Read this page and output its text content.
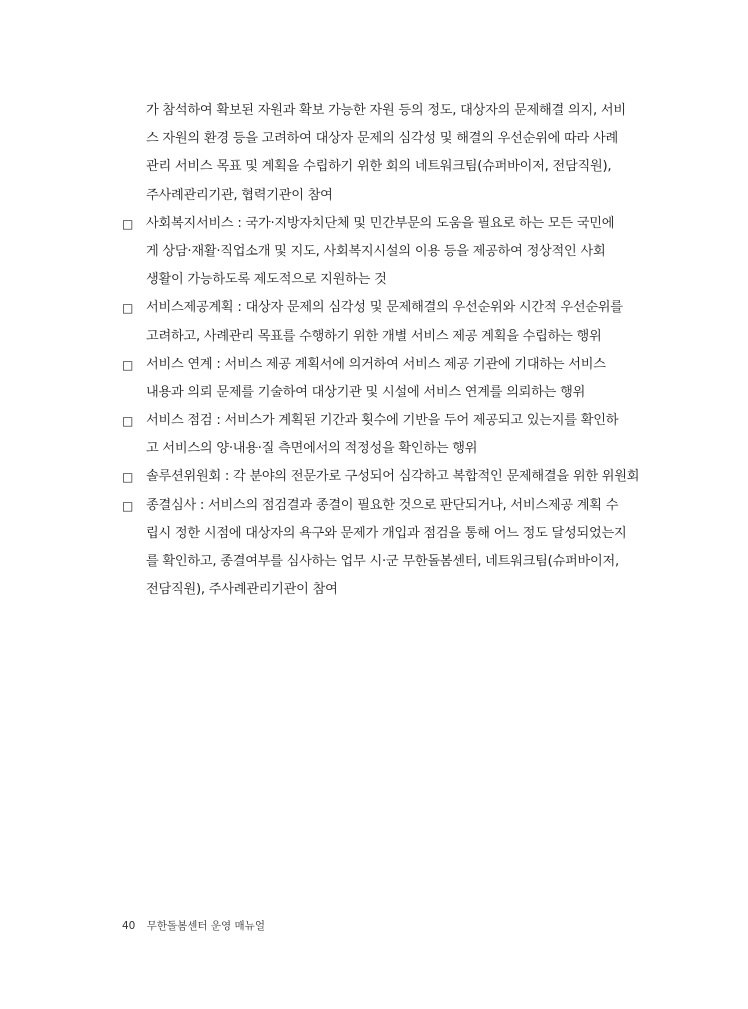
가 참석하여 확보된 자원과 확보 가능한 자원 등의 정도, 대상자의 문제해결 의지, 서비
스 자원의 환경 등을 고려하여 대상자 문제의 심각성 및 해결의 우선순위에 따라 사례
관리 서비스 목표 및 계획을 수립하기 위한 회의 네트워크팀(슈퍼바이저, 전담직원),
주사례관리기관, 협력기관이 참여
□ 사회복지서비스 : 국가·지방자치단체 및 민간부문의 도움을 필요로 하는 모든 국민에
게 상담·재활·직업소개 및 지도, 사회복지시설의 이용 등을 제공하여 정상적인 사회
생활이 가능하도록 제도적으로 지원하는 것
□ 서비스제공계획 : 대상자 문제의 심각성 및 문제해결의 우선순위와 시간적 우선순위를
고려하고, 사례관리 목표를 수행하기 위한 개별 서비스 제공 계획을 수립하는 행위
□ 서비스 연계 : 서비스 제공 계획서에 의거하여 서비스 제공 기관에 기대하는 서비스
내용과 의뢰 문제를 기술하여 대상기관 및 시설에 서비스 연계를 의뢰하는 행위
□ 서비스 점검 : 서비스가 계획된 기간과 횟수에 기반을 두어 제공되고 있는지를 확인하
고 서비스의 양·내용·질 측면에서의 적정성을 확인하는 행위
□ 솔루션위원회 : 각 분야의 전문가로 구성되어 심각하고 복합적인 문제해결을 위한 위원회
□ 종결심사 : 서비스의 점검결과 종결이 필요한 것으로 판단되거나, 서비스제공 계획 수
립시 정한 시점에 대상자의 욕구와 문제가 개입과 점검을 통해 어느 정도 달성되었는지
를 확인하고, 종결여부를 심사하는 업무 시·군 무한돌봄센터, 네트워크팀(슈퍼바이저,
전담직원), 주사례관리기관이 참여
40 무한돌봄센터 운영 매뉴얼
